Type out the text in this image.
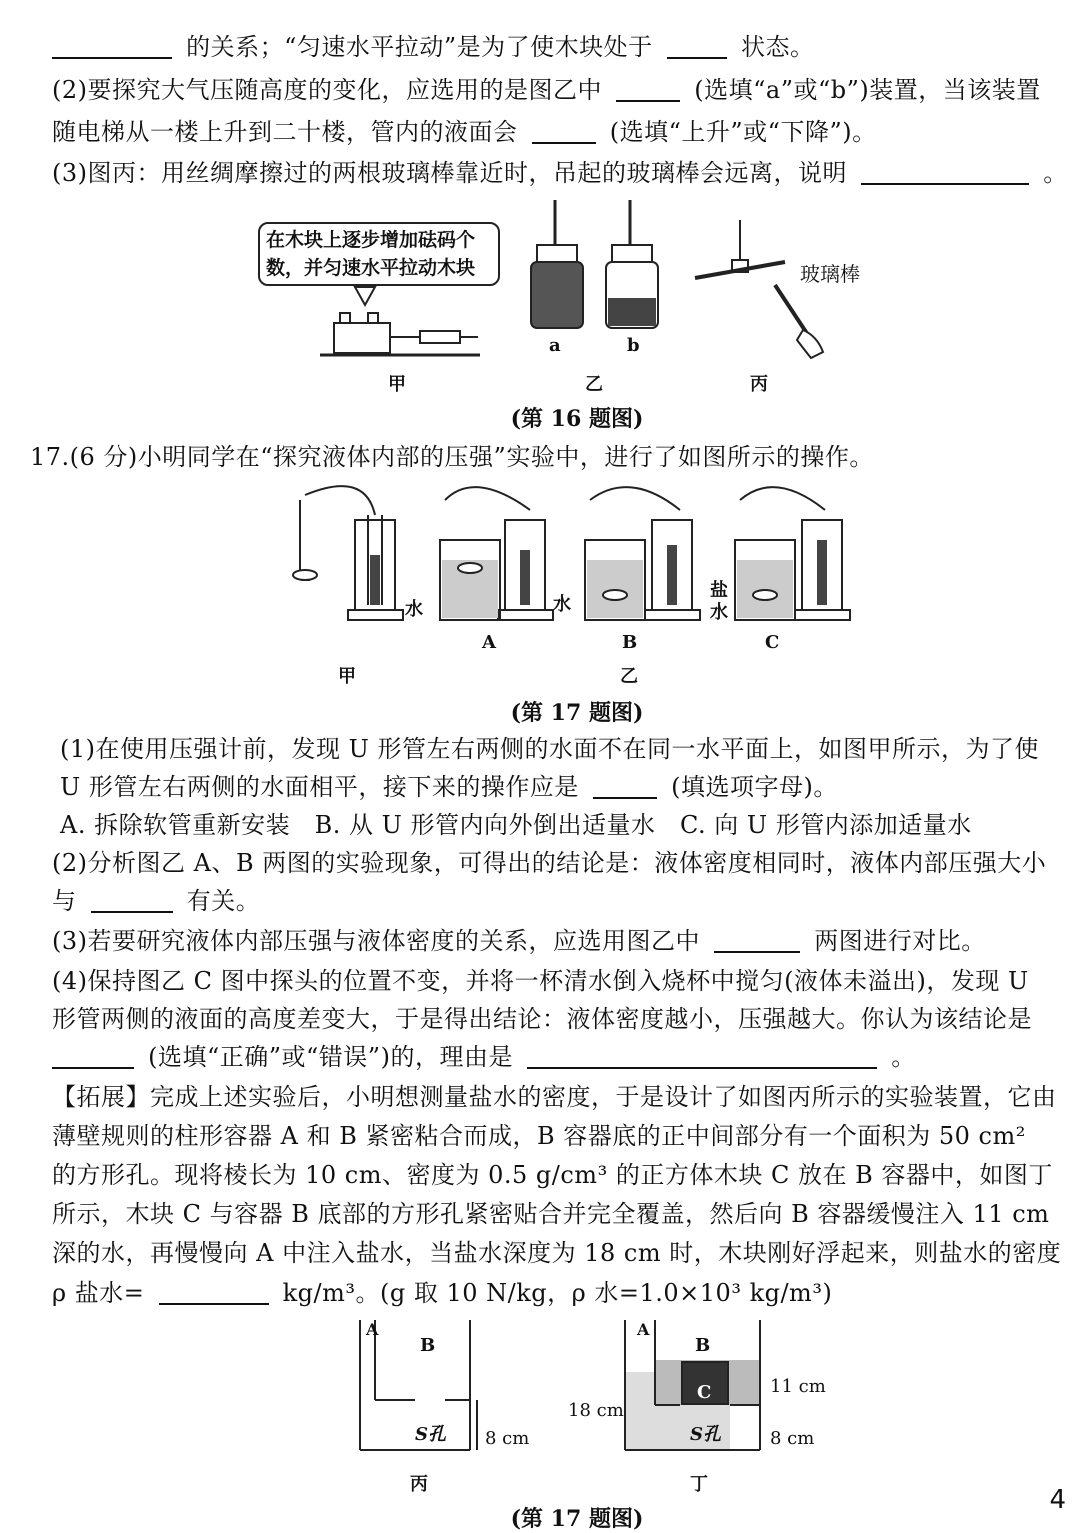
的关系；“匀速水平拉动”是为了使木块处于	状态。
(2)要探究大气压随高度的变化，应选用的是图乙中	(选填“a”或“b”)装置，当该装置
随电梯从一楼上升到二十楼，管内的液面会	(选填“上升”或“下降”)。
(3)图丙：用丝绸摩擦过的两根玻璃棒靠近时，吊起的玻璃棒会远离，说明	。
在木块上逐步增加砝码个数，并匀速水平拉动木块
a	b
玻璃棒
甲	乙	丙
(第 16 题图)
17.(6 分)小明同学在“探究液体内部的压强”实验中，进行了如图所示的操作。
水	水
盐
水
A	B	C
甲	乙
(第 17 题图)
(1)在使用压强计前，发现 U 形管左右两侧的水面不在同一水平面上，如图甲所示，为了使
U 形管左右两侧的水面相平，接下来的操作应是	(填选项字母)。
A. 拆除软管重新安装　B. 从 U 形管内向外倒出适量水　C. 向 U 形管内添加适量水
(2)分析图乙 A、B 两图的实验现象，可得出的结论是：液体密度相同时，液体内部压强大小
与	有关。
(3)若要研究液体内部压强与液体密度的关系，应选用图乙中	两图进行对比。
(4)保持图乙 C 图中探头的位置不变，并将一杯清水倒入烧杯中搅匀(液体未溢出)，发现 U
形管两侧的液面的高度差变大，于是得出结论：液体密度越小，压强越大。你认为该结论是
(选填“正确”或“错误”)的，理由是	。
【拓展】完成上述实验后，小明想测量盐水的密度，于是设计了如图丙所示的实验装置，它由
薄壁规则的柱形容器 A 和 B 紧密粘合而成，B 容器底的正中间部分有一个面积为 50 cm²
的方形孔。现将棱长为 10 cm、密度为 0.5 g/cm³ 的正方体木块 C 放在 B 容器中，如图丁
所示，木块 C 与容器 B 底部的方形孔紧密贴合并完全覆盖，然后向 B 容器缓慢注入 11 cm
深的水，再慢慢向 A 中注入盐水，当盐水深度为 18 cm 时，木块刚好浮起来，则盐水的密度
ρ 盐水=	kg/m³。(g 取 10 N/kg，ρ 水=1.0×10³ kg/m³)
A
B
S孔 8 cm
丙
A
B
C
S孔
18 cm
11 cm
8 cm
丁
(第 17 题图)
4
